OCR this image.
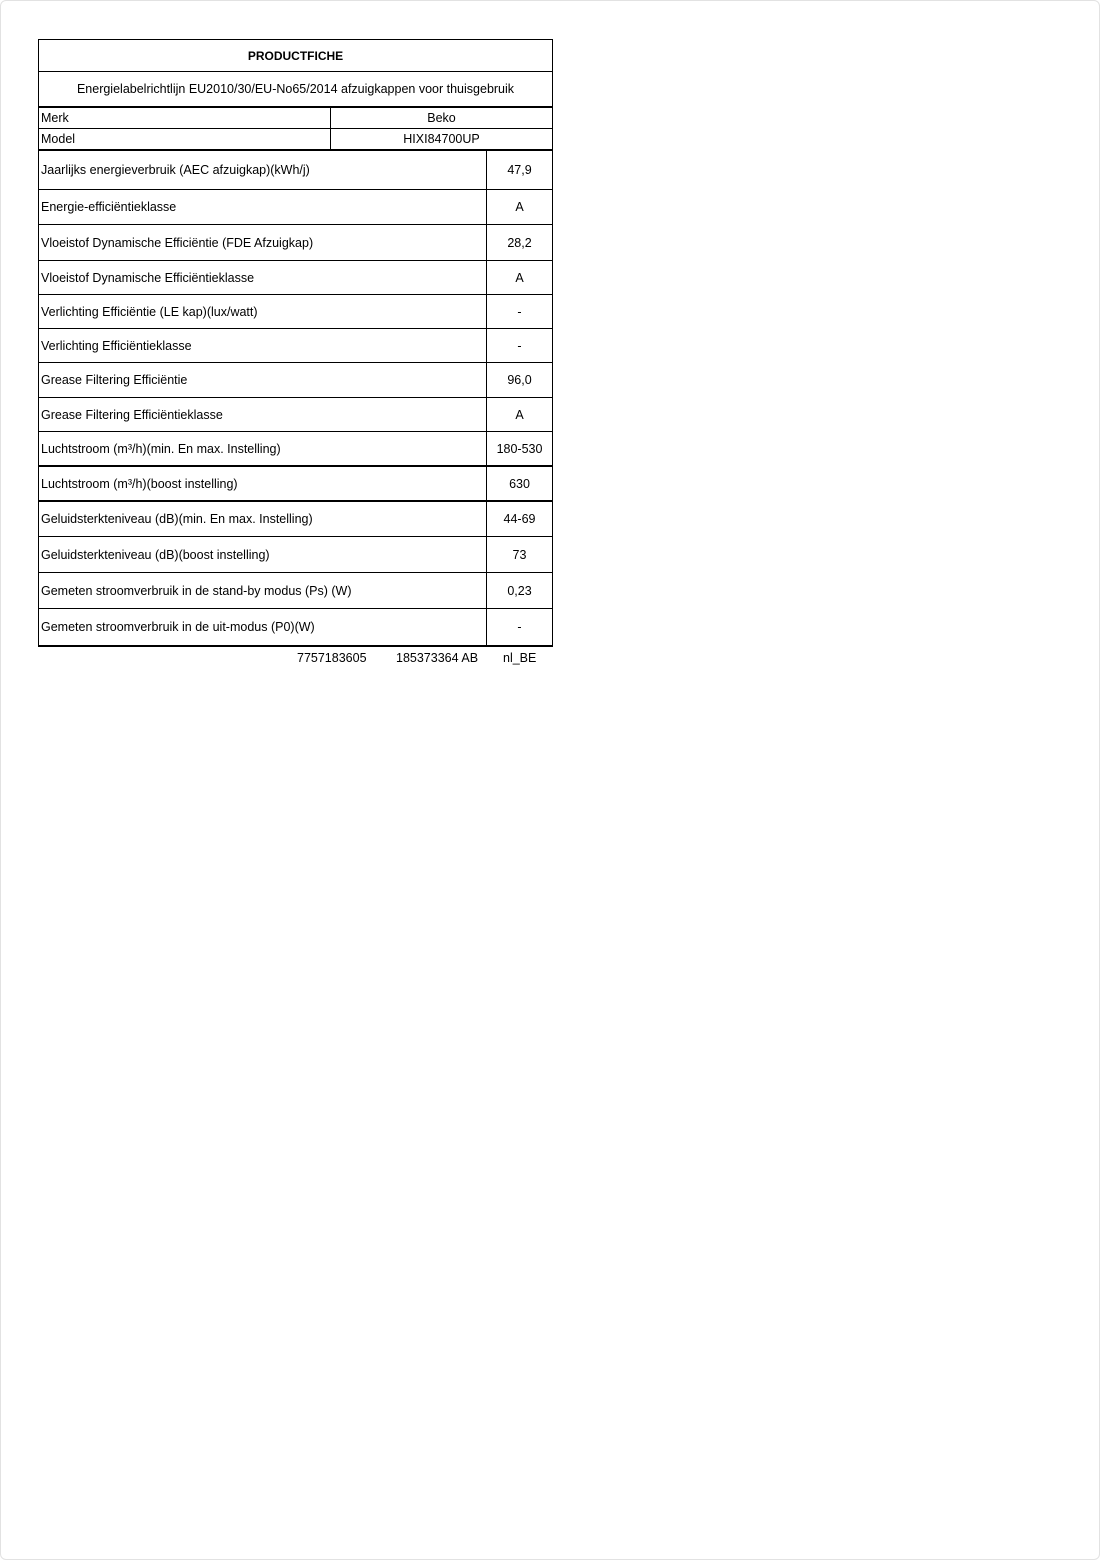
PRODUCTFICHE
Energielabelrichtlijn EU2010/30/EU-No65/2014 afzuigkappen voor thuisgebruik
Merk	Beko
Model	HIXI84700UP
Jaarlijks energieverbruik (AEC afzuigkap)(kWh/j)	47,9
Energie-efficiëntieklasse	A
Vloeistof Dynamische Efficiëntie (FDE Afzuigkap)	28,2
Vloeistof Dynamische Efficiëntieklasse	A
Verlichting Efficiëntie (LE kap)(lux/watt)	-
Verlichting Efficiëntieklasse	-
Grease Filtering Efficiëntie	96,0
Grease Filtering Efficiëntieklasse	A
Luchtstroom (m³/h)(min. En max. Instelling)	180-530
Luchtstroom (m³/h)(boost instelling)	630
Geluidsterkteniveau (dB)(min. En max. Instelling)	44-69
Geluidsterkteniveau (dB)(boost instelling)	73
Gemeten stroomverbruik in de stand-by modus (Ps) (W)	0,23
Gemeten stroomverbruik in de uit-modus (P0)(W)	-
7757183605 185373364 AB nl_BE
